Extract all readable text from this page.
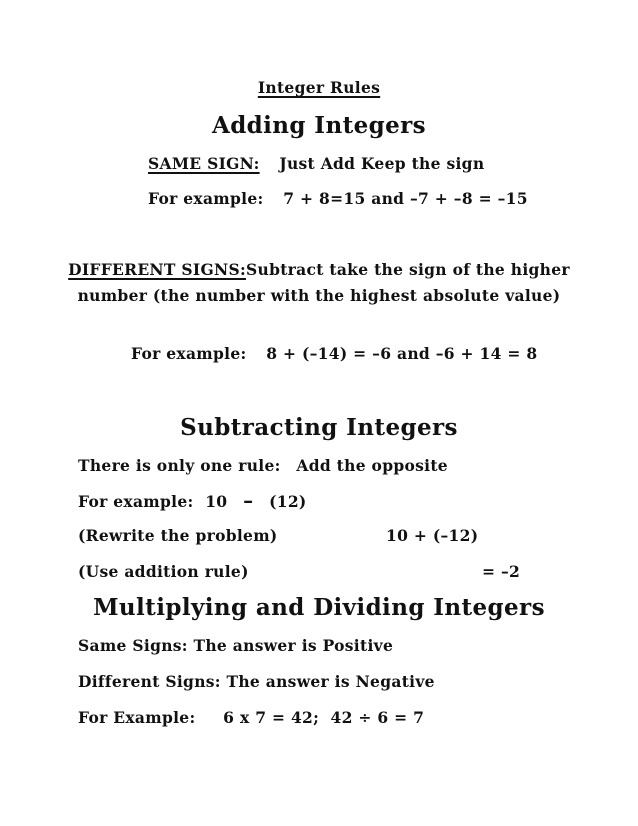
Integer Rules
Adding Integers
SAME SIGN: Just Add Keep the sign
For example: 7 + 8=15 and –7 + –8 = –15
DIFFERENT SIGNS:Subtract take the sign of the higher number (the number with the highest absolute value)
For example: 8 + (–14) = –6 and –6 + 14 = 8
Subtracting Integers
There is only one rule: Add the opposite
For example: 10 – (12)
(Rewrite the problem)	10 + (–12)
(Use addition rule)	= –2
Multiplying and Dividing Integers
Same Signs: The answer is Positive
Different Signs: The answer is Negative
For Example: 6 x 7 = 42;  42 ÷ 6 = 7
